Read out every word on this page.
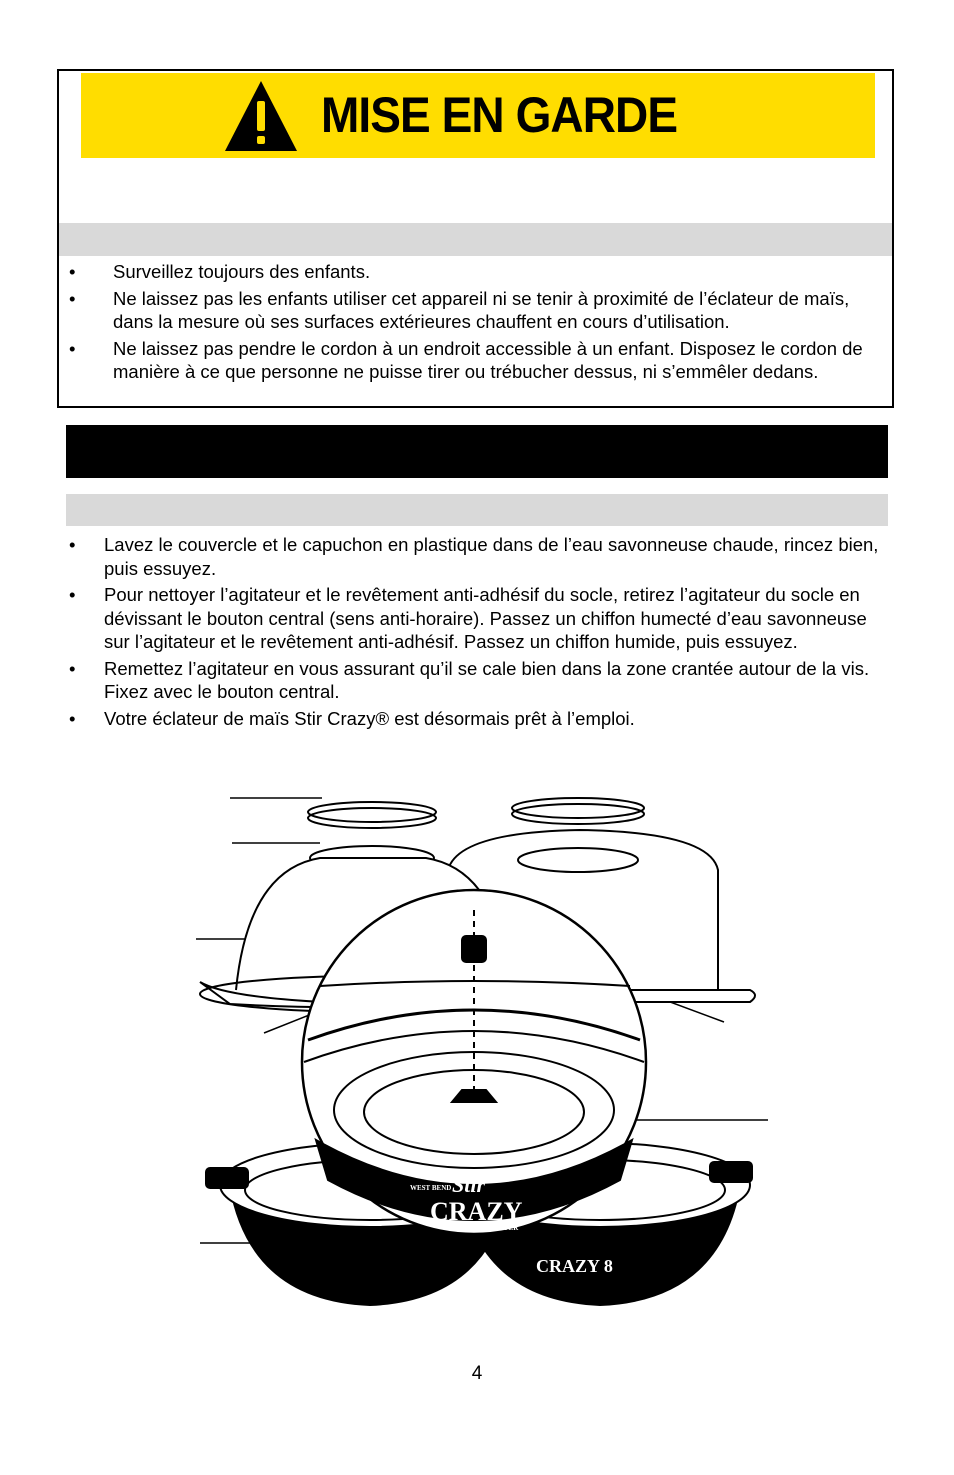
MISE EN GARDE
• Surveillez toujours des enfants.
• Ne laissez pas les enfants utiliser cet appareil ni se tenir à proximité de l’éclateur de maïs, dans la mesure où ses surfaces extérieures chauffent en cours d’utilisation.
• Ne laissez pas pendre le cordon à un endroit accessible à un enfant. Disposez le cordon de manière à ce que personne ne puisse tirer ou trébucher dessus, ni s’emmêler dedans.
• Lavez le couvercle et le capuchon en plastique dans de l’eau savonneuse chaude, rincez bien, puis essuyez.
• Pour nettoyer l’agitateur et le revêtement anti-adhésif du socle, retirez l’agitateur du socle en dévissant le bouton central (sens anti-horaire). Passez un chiffon humecté d’eau savonneuse sur l’agitateur et le revêtement anti-adhésif. Passez un chiffon humide, puis essuyez.
• Remettez l’agitateur en vous assurant qu’il se cale bien dans la zone crantée autour de la vis. Fixez avec le bouton central.
• Votre éclateur de maïs Stir Crazy® est désormais prêt à l’emploi.
WEST BEND Stir
CRAZY
CORN POPPER
CRAZY 8
4
